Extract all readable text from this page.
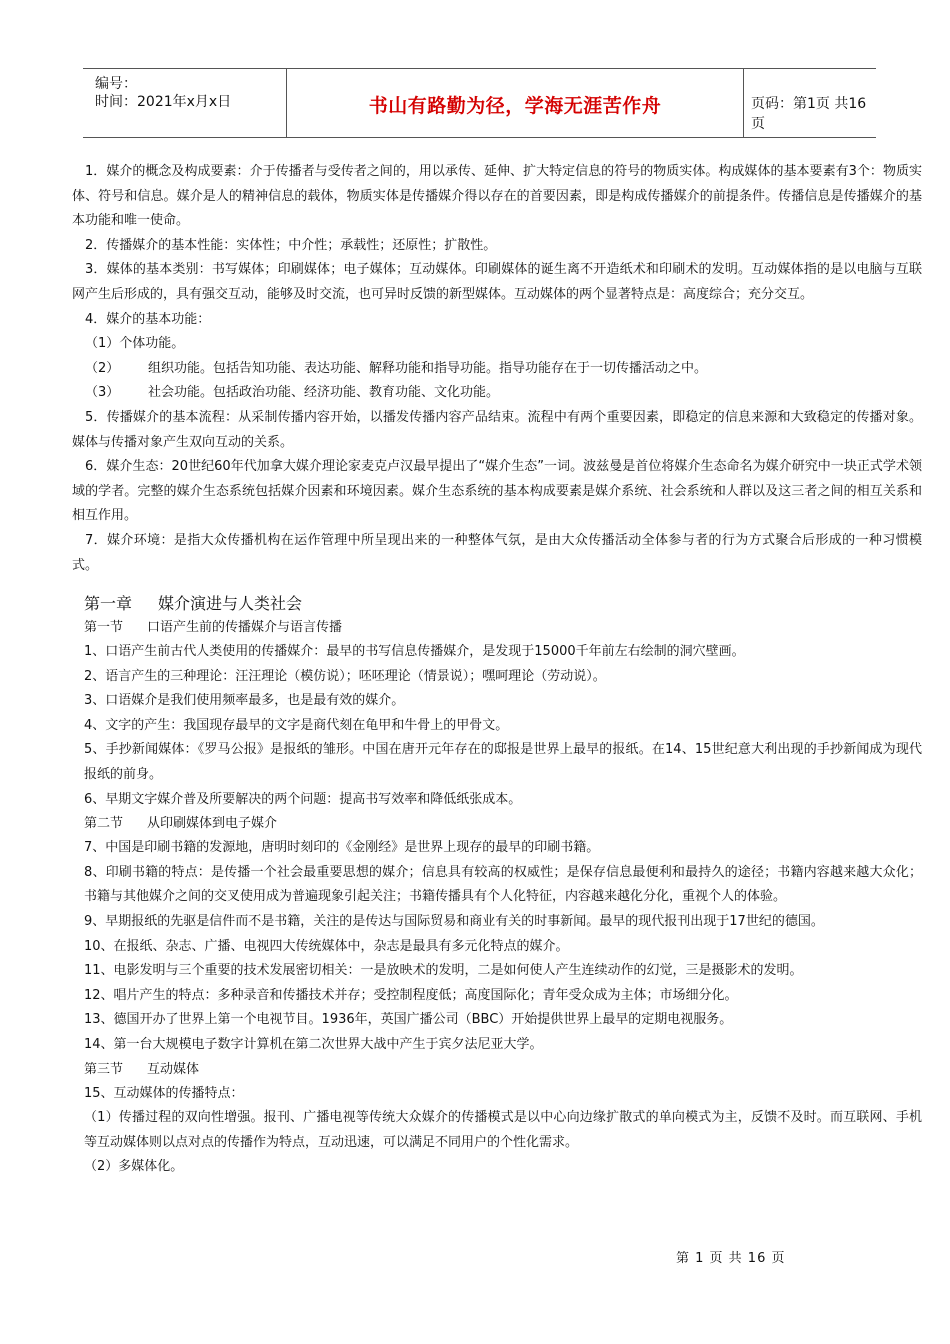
编号：
时间：2021年x月x日	书山有路勤为径，学海无涯苦作舟	页码：第1页 共16页

1．媒介的概念及构成要素：介于传播者与受传者之间的，用以承传、延伸、扩大特定信息的符号的物质实体。构成媒体的基本要素有3个：物质实体、符号和信息。媒介是人的精神信息的载体，物质实体是传播媒介得以存在的首要因素，即是构成传播媒介的前提条件。传播信息是传播媒介的基本功能和唯一使命。

2．传播媒介的基本性能：实体性；中介性；承载性；还原性；扩散性。

3．媒体的基本类别：书写媒体；印刷媒体；电子媒体；互动媒体。印刷媒体的诞生离不开造纸术和印刷术的发明。互动媒体指的是以电脑与互联网产生后形成的，具有强交互动，能够及时交流，也可异时反馈的新型媒体。互动媒体的两个显著特点是：高度综合；充分交互。

4．媒介的基本功能：

（1）个体功能。

（2） 组织功能。包括告知功能、表达功能、解释功能和指导功能。指导功能存在于一切传播活动之中。

（3） 社会功能。包括政治功能、经济功能、教育功能、文化功能。

5．传播媒介的基本流程：从采制传播内容开始，以播发传播内容产品结束。流程中有两个重要因素，即稳定的信息来源和大致稳定的传播对象。媒体与传播对象产生双向互动的关系。

6．媒介生态：20世纪60年代加拿大媒介理论家麦克卢汉最早提出了“媒介生态”一词。波兹曼是首位将媒介生态命名为媒介研究中一块正式学术领域的学者。完整的媒介生态系统包括媒介因素和环境因素。媒介生态系统的基本构成要素是媒介系统、社会系统和人群以及这三者之间的相互关系和相互作用。

7．媒介环境：是指大众传播机构在运作管理中所呈现出来的一种整体气氛，是由大众传播活动全体参与者的行为方式聚合后形成的一种习惯模式。

第一章 媒介演进与人类社会
第一节 口语产生前的传播媒介与语言传播

1、口语产生前古代人类使用的传播媒介：最早的书写信息传播媒介，是发现于15000千年前左右绘制的洞穴壁画。

2、语言产生的三种理论：汪汪理论（模仿说）；呸呸理论（情景说）；嘿呵理论（劳动说）。

3、口语媒介是我们使用频率最多，也是最有效的媒介。

4、文字的产生：我国现存最早的文字是商代刻在龟甲和牛骨上的甲骨文。

5、手抄新闻媒体：《罗马公报》是报纸的雏形。中国在唐开元年存在的邸报是世界上最早的报纸。在14、15世纪意大利出现的手抄新闻成为现代报纸的前身。

6、早期文字媒介普及所要解决的两个问题：提高书写效率和降低纸张成本。

第二节 从印刷媒体到电子媒介

7、中国是印刷书籍的发源地，唐明时刻印的《金刚经》是世界上现存的最早的印刷书籍。

8、印刷书籍的特点：是传播一个社会最重要思想的媒介；信息具有较高的权威性；是保存信息最便利和最持久的途径；书籍内容越来越大众化；书籍与其他媒介之间的交叉使用成为普遍现象引起关注；书籍传播具有个人化特征，内容越来越化分化，重视个人的体验。

9、早期报纸的先驱是信件而不是书籍，关注的是传达与国际贸易和商业有关的时事新闻。最早的现代报刊出现于17世纪的德国。

10、在报纸、杂志、广播、电视四大传统媒体中，杂志是最具有多元化特点的媒介。

11、电影发明与三个重要的技术发展密切相关：一是放映术的发明，二是如何使人产生连续动作的幻觉，三是摄影术的发明。

12、唱片产生的特点：多种录音和传播技术并存；受控制程度低；高度国际化；青年受众成为主体；市场细分化。

13、德国开办了世界上第一个电视节目。1936年，英国广播公司（BBC）开始提供世界上最早的定期电视服务。

14、第一台大规模电子数字计算机在第二次世界大战中产生于宾夕法尼亚大学。

第三节 互动媒体

15、互动媒体的传播特点：

（1）传播过程的双向性增强。报刊、广播电视等传统大众媒介的传播模式是以中心向边缘扩散式的单向模式为主，反馈不及时。而互联网、手机等互动媒体则以点对点的传播作为特点，互动迅速，可以满足不同用户的个性化需求。

（2）多媒体化。

第 1 页 共 16 页
